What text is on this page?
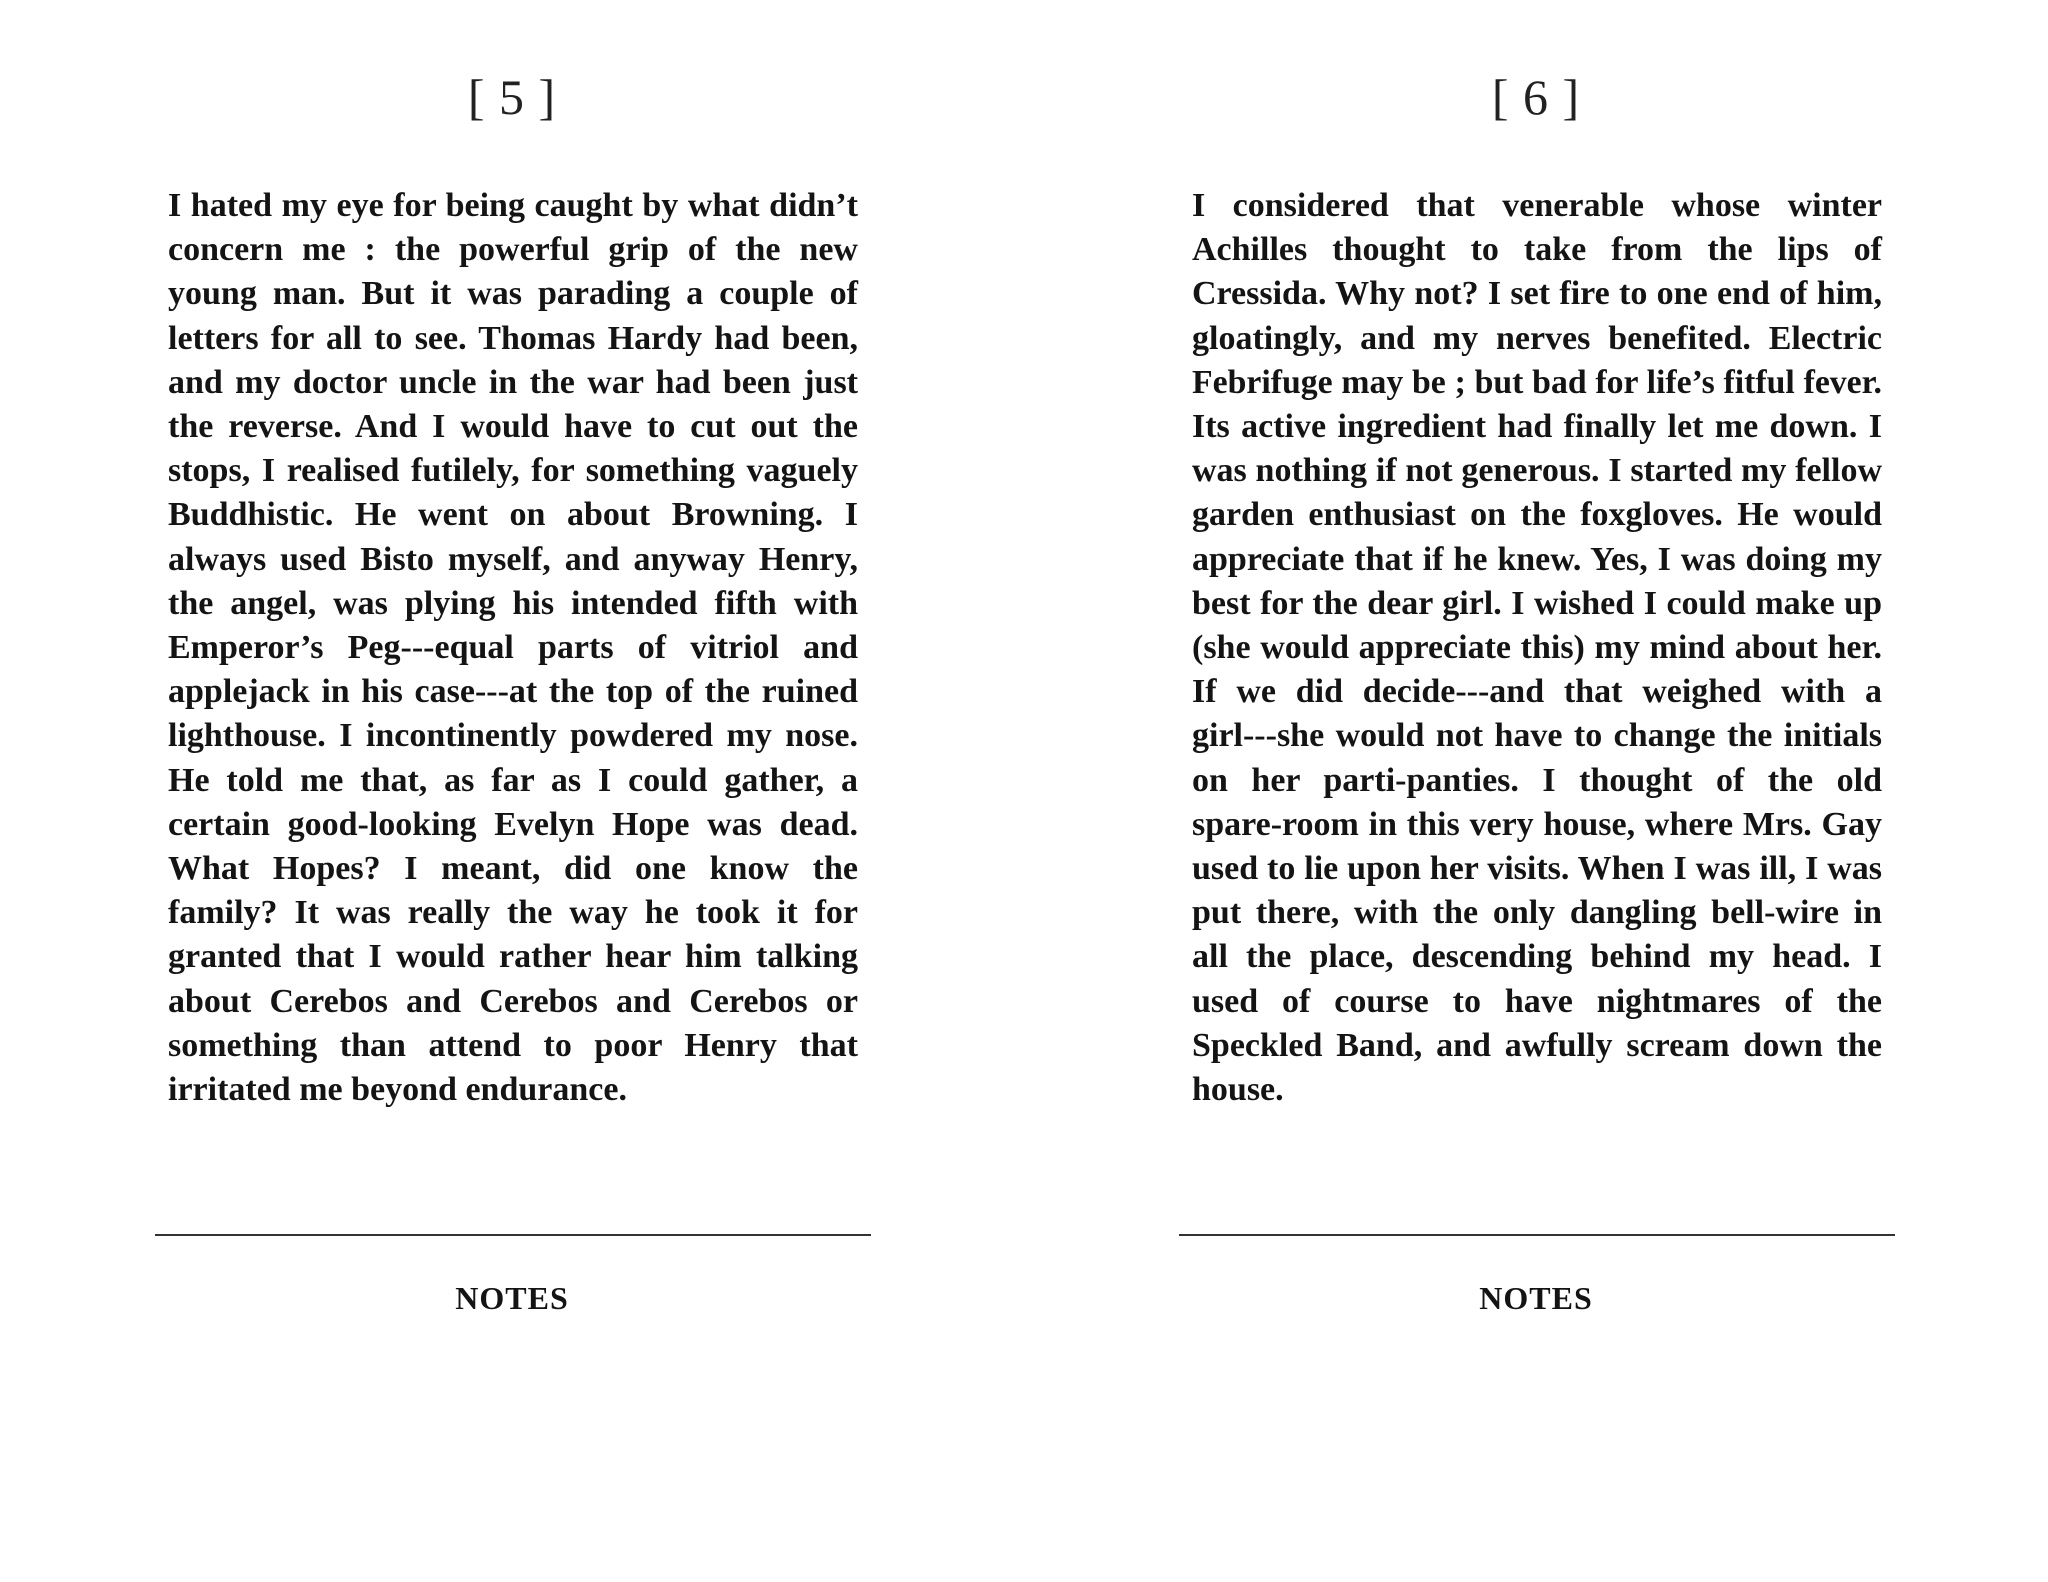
[ 5 ]
I hated my eye for being caught by what didn’t
concern me : the powerful grip of the new
young man. But it was parading a couple of
letters for all to see. Thomas Hardy had been,
and my doctor uncle in the war had been just
the reverse. And I would have to cut out the
stops, I realised futilely, for something vaguely
Buddhistic. He went on about Browning. I
always used Bisto myself, and anyway Henry,
the angel, was plying his intended fifth with
Emperor’s Peg---equal parts of vitriol and
applejack in his case---at the top of the ruined
lighthouse. I incontinently powdered my nose.
He told me that, as far as I could gather, a
certain good-looking Evelyn Hope was dead.
What Hopes? I meant, did one know the
family? It was really the way he took it for
granted that I would rather hear him talking
about Cerebos and Cerebos and Cerebos or
something than attend to poor Henry that
irritated me beyond endurance.
NOTES
[ 6 ]
I considered that venerable whose winter
Achilles thought to take from the lips of
Cressida. Why not? I set fire to one end of him,
gloatingly, and my nerves benefited. Electric
Febrifuge may be ; but bad for life’s fitful fever.
Its active ingredient had finally let me down. I
was nothing if not generous. I started my fellow
garden enthusiast on the foxgloves. He would
appreciate that if he knew. Yes, I was doing my
best for the dear girl. I wished I could make up
(she would appreciate this) my mind about her.
If we did decide---and that weighed with a
girl---she would not have to change the initials
on her parti-panties. I thought of the old
spare-room in this very house, where Mrs. Gay
used to lie upon her visits. When I was ill, I was
put there, with the only dangling bell-wire in
all the place, descending behind my head. I
used of course to have nightmares of the
Speckled Band, and awfully scream down the
house.
NOTES
